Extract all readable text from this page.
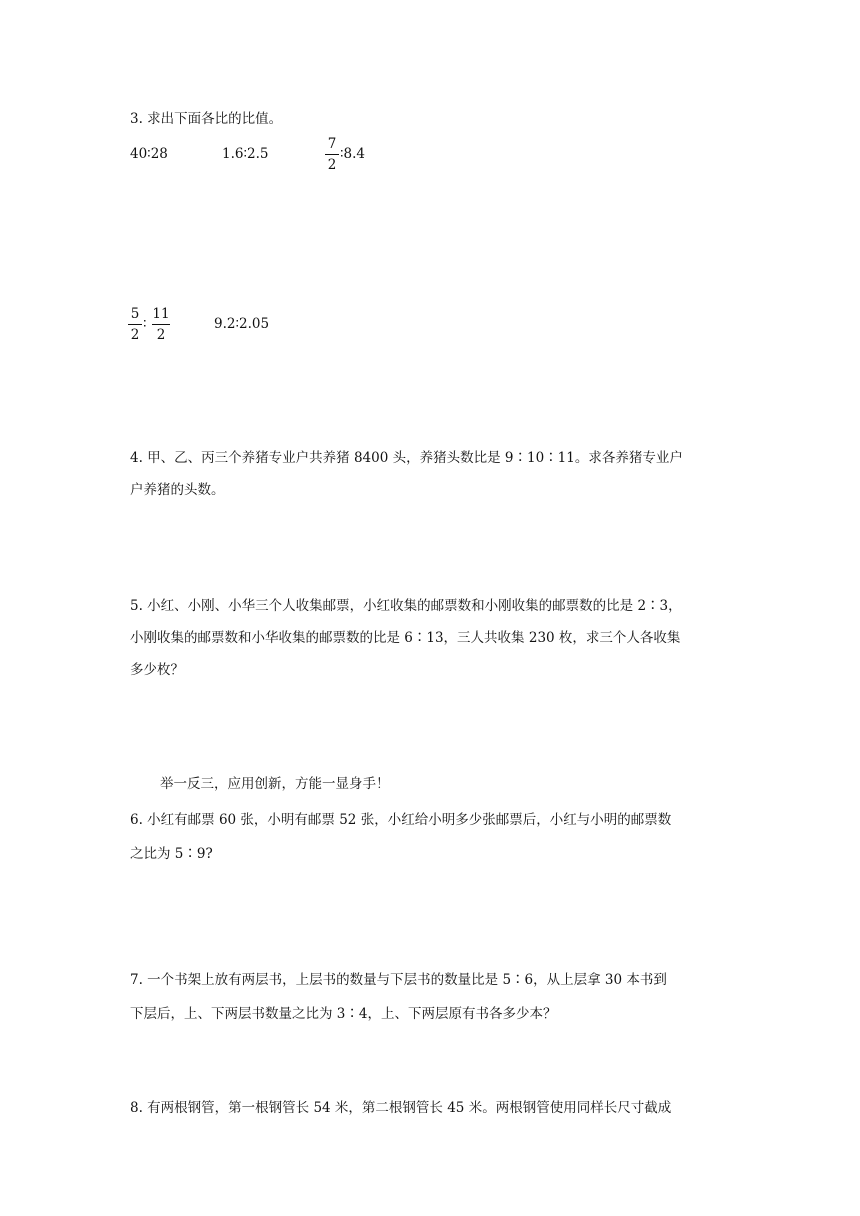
3. 求出下面各比的比值。
40∶28	1.6∶2.5
7
2
∶8.4
5
2
∶
11
2
9.2∶2.05
4. 甲、乙、丙三个养猪专业户共养猪 8400 头，养猪头数比是 9∶10∶11。求各养猪专业户
户养猪的头数。
5. 小红、小刚、小华三个人收集邮票，小红收集的邮票数和小刚收集的邮票数的比是 2∶3，
小刚收集的邮票数和小华收集的邮票数的比是 6∶13，三人共收集 230 枚，求三个人各收集
多少枚？
举一反三，应用创新，方能一显身手！
6. 小红有邮票 60 张，小明有邮票 52 张，小红给小明多少张邮票后，小红与小明的邮票数
之比为 5∶9?
7. 一个书架上放有两层书，上层书的数量与下层书的数量比是 5∶6，从上层拿 30 本书到
下层后，上、下两层书数量之比为 3∶4，上、下两层原有书各多少本？
8. 有两根钢管，第一根钢管长 54 米，第二根钢管长 45 米。两根钢管使用同样长尺寸截成
